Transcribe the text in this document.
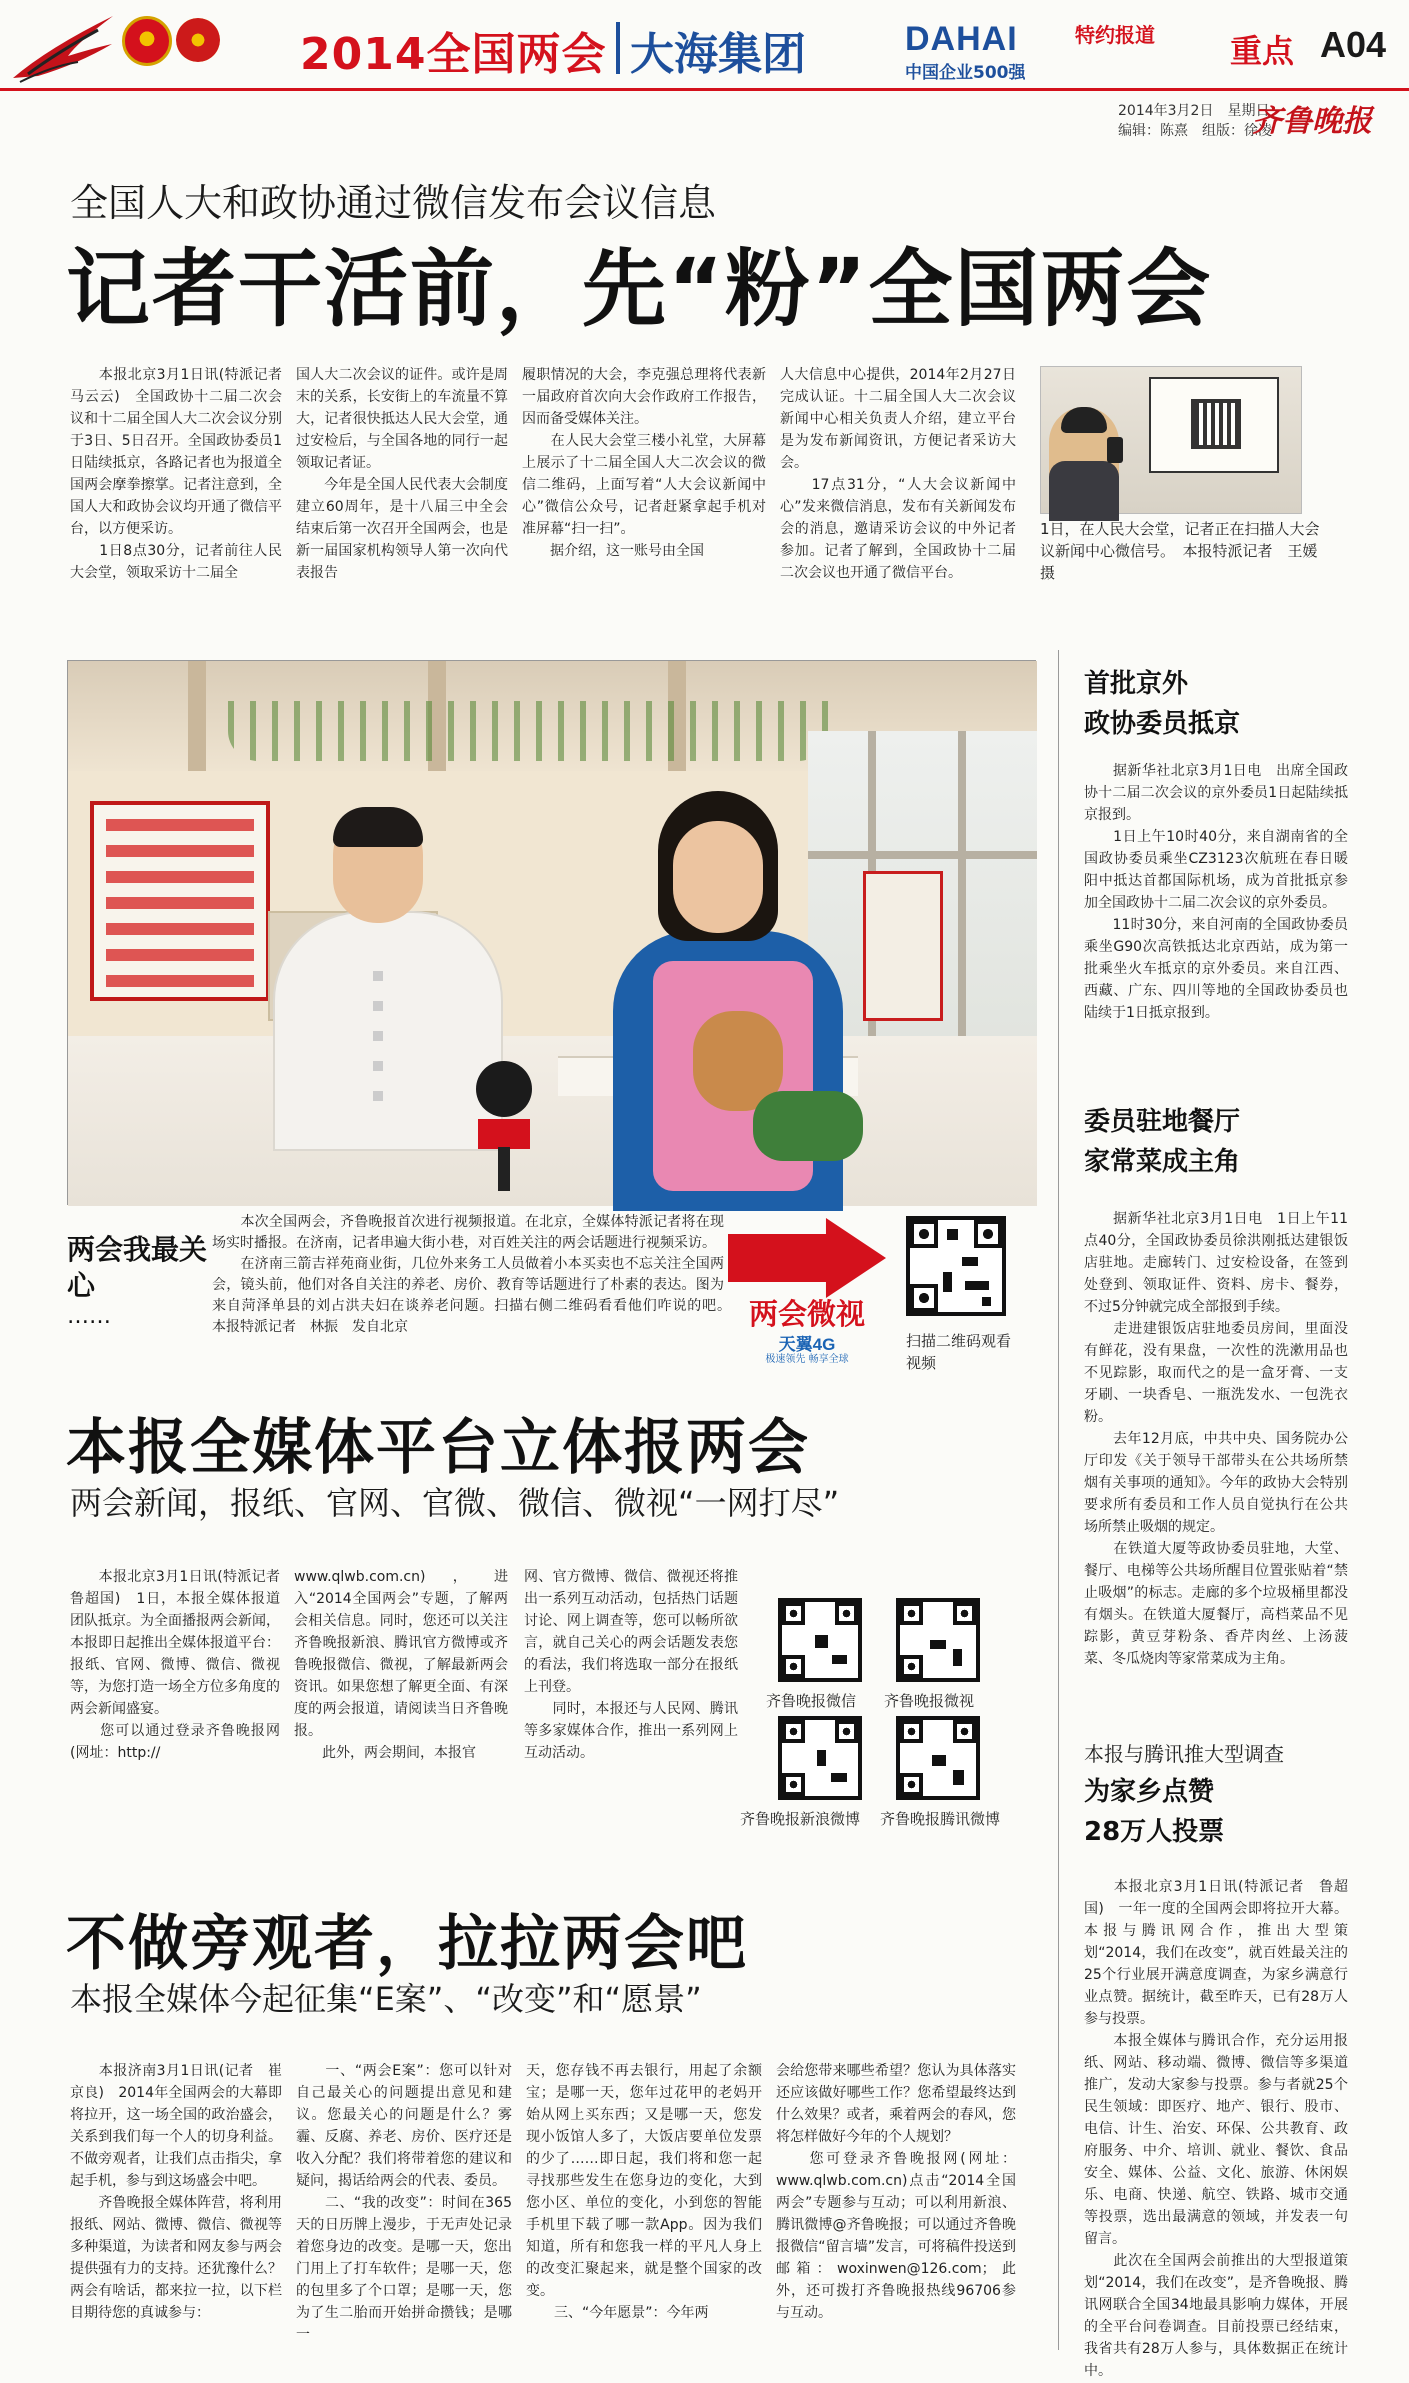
2014全国两会 大海集团	DAHAI
中国企业500强
特约报道 重点 A04
2014年3月2日　星期日
编辑：陈熹　组版：徐凌
齐鲁晚报
全国人大和政协通过微信发布会议信息
记者干活前，先“粉”全国两会
　　本报北京3月1日讯(特派记者　马云云)　全国政协十二届二次会议和十二届全国人大二次会议分别于3日、5日召开。全国政协委员1日陆续抵京，各路记者也为报道全国两会摩拳擦掌。记者注意到，全国人大和政协会议均开通了微信平台，以方便采访。
　　1日8点30分，记者前往人民大会堂，领取采访十二届全
国人大二次会议的证件。或许是周末的关系，长安街上的车流量不算大，记者很快抵达人民大会堂，通过安检后，与全国各地的同行一起领取记者证。
　　今年是全国人民代表大会制度建立60周年，是十八届三中全会结束后第一次召开全国两会，也是新一届国家机构领导人第一次向代表报告
履职情况的大会，李克强总理将代表新一届政府首次向大会作政府工作报告，因而备受媒体关注。
　　在人民大会堂三楼小礼堂，大屏幕上展示了十二届全国人大二次会议的微信二维码，上面写着“人大会议新闻中心”微信公众号，记者赶紧拿起手机对准屏幕“扫一扫”。
　　据介绍，这一账号由全国
人大信息中心提供，2014年2月27日完成认证。十二届全国人大二次会议新闻中心相关负责人介绍，建立平台是为发布新闻资讯，方便记者采访大会。
　　17点31分，“人大会议新闻中心”发来微信消息，发布有关新闻发布会的消息，邀请采访会议的中外记者参加。记者了解到，全国政协十二届二次会议也开通了微信平台。
1日，在人民大会堂，记者正在扫描人大会议新闻中心微信号。　本报特派记者　王媛　摄
两会我最关心
……
　　本次全国两会，齐鲁晚报首次进行视频报道。在北京，全媒体特派记者将在现场实时播报。在济南，记者串遍大街小巷，对百姓关注的两会话题进行视频采访。
　　在济南三箭吉祥苑商业街，几位外来务工人员做着小本买卖也不忘关注全国两会，镜头前，他们对各自关注的养老、房价、教育等话题进行了朴素的表达。图为来自菏泽单县的刘占洪夫妇在谈养老问题。扫描右侧二维码看看他们咋说的吧。　　本报特派记者　林振　发自北京	两会微视
天翼4G
极速领先 畅享全球
扫描二维码观看视频
本报全媒体平台立体报两会
两会新闻，报纸、官网、官微、微信、微视“一网打尽”
　　本报北京3月1日讯(特派记者　鲁超国)　1日，本报全媒体报道团队抵京。为全面播报两会新闻，本报即日起推出全媒体报道平台：报纸、官网、微博、微信、微视等，为您打造一场全方位多角度的两会新闻盛宴。
　　您可以通过登录齐鲁晚报网(网址：http://
www.qlwb.com.cn)，进入“2014全国两会”专题，了解两会相关信息。同时，您还可以关注齐鲁晚报新浪、腾讯官方微博或齐鲁晚报微信、微视，了解最新两会资讯。如果您想了解更全面、有深度的两会报道，请阅读当日齐鲁晚报。
　　此外，两会期间，本报官
网、官方微博、微信、微视还将推出一系列互动活动，包括热门话题讨论、网上调查等，您可以畅所欲言，就自己关心的两会话题发表您的看法，我们将选取一部分在报纸上刊登。
　　同时，本报还与人民网、腾讯等多家媒体合作，推出一系列网上互动活动。
齐鲁晚报微信 齐鲁晚报微视
齐鲁晚报新浪微博 齐鲁晚报腾讯微博
不做旁观者，拉拉两会吧
本报全媒体今起征集“E案”、“改变”和“愿景”
　　本报济南3月1日讯(记者　崔京良)　2014年全国两会的大幕即将拉开，这一场全国的政治盛会，关系到我们每一个人的切身利益。不做旁观者，让我们点击指尖，拿起手机，参与到这场盛会中吧。
　　齐鲁晚报全媒体阵营，将利用报纸、网站、微博、微信、微视等多种渠道，为读者和网友参与两会提供强有力的支持。还犹豫什么？两会有啥话，都来拉一拉，以下栏目期待您的真诚参与：
　　一、“两会E案”：您可以针对自己最关心的问题提出意见和建议。您最关心的问题是什么？雾霾、反腐、养老、房价、医疗还是收入分配？我们将带着您的建议和疑问，揭话给两会的代表、委员。
　　二、“我的改变”：时间在365天的日历牌上漫步，于无声处记录着您身边的改变。是哪一天，您出门用上了打车软件；是哪一天，您的包里多了个口罩；是哪一天，您为了生二胎而开始拼命攒钱；是哪一
天，您存钱不再去银行，用起了余额宝；是哪一天，您年过花甲的老妈开始从网上买东西；又是哪一天，您发现小饭馆人多了，大饭店要单位发票的少了……即日起，我们将和您一起寻找那些发生在您身边的变化，大到您小区、单位的变化，小到您的智能手机里下载了哪一款App。因为我们知道，所有和您我一样的平凡人身上的改变汇聚起来，就是整个国家的改变。
　　三、“今年愿景”：今年两
会给您带来哪些希望？您认为具体落实还应该做好哪些工作？您希望最终达到什么效果？或者，乘着两会的春风，您将怎样做好今年的个人规划？
　　您可登录齐鲁晚报网(网址：www.qlwb.com.cn)点击“2014全国两会”专题参与互动；可以利用新浪、腾讯微博@齐鲁晚报；可以通过齐鲁晚报微信“留言墙”发言，可将稿件投送到邮箱：woxinwen@126.com；此外，还可拨打齐鲁晚报热线96706参与互动。
首批京外
政协委员抵京
　　据新华社北京3月1日电　出席全国政协十二届二次会议的京外委员1日起陆续抵京报到。
　　1日上午10时40分，来自湖南省的全国政协委员乘坐CZ3123次航班在春日暖阳中抵达首都国际机场，成为首批抵京参加全国政协十二届二次会议的京外委员。
　　11时30分，来自河南的全国政协委员乘坐G90次高铁抵达北京西站，成为第一批乘坐火车抵京的京外委员。来自江西、西藏、广东、四川等地的全国政协委员也陆续于1日抵京报到。
委员驻地餐厅
家常菜成主角
　　据新华社北京3月1日电　1日上午11点40分，全国政协委员徐洪刚抵达建银饭店驻地。走廊转门、过安检设备，在签到处登到、领取证件、资料、房卡、餐券，不过5分钟就完成全部报到手续。
　　走进建银饭店驻地委员房间，里面没有鲜花，没有果盘，一次性的洗漱用品也不见踪影，取而代之的是一盒牙膏、一支牙刷、一块香皂、一瓶洗发水、一包洗衣粉。
　　去年12月底，中共中央、国务院办公厅印发《关于领导干部带头在公共场所禁烟有关事项的通知》。今年的政协大会特别要求所有委员和工作人员自觉执行在公共场所禁止吸烟的规定。
　　在铁道大厦等政协委员驻地，大堂、餐厅、电梯等公共场所醒目位置张贴着“禁止吸烟”的标志。走廊的多个垃圾桶里都没有烟头。在铁道大厦餐厅，高档菜品不见踪影，黄豆芽粉条、香芹肉丝、上汤菠菜、冬瓜烧肉等家常菜成为主角。
本报与腾讯推大型调查
为家乡点赞
28万人投票
　　本报北京3月1日讯(特派记者　鲁超国)　一年一度的全国两会即将拉开大幕。本报与腾讯网合作，推出大型策划“2014，我们在改变”，就百姓最关注的25个行业展开满意度调查，为家乡满意行业点赞。据统计，截至昨天，已有28万人参与投票。
　　本报全媒体与腾讯合作，充分运用报纸、网站、移动端、微博、微信等多渠道推广，发动大家参与投票。参与者就25个民生领域：即医疗、地产、银行、股市、电信、计生、治安、环保、公共教育、政府服务、中介、培训、就业、餐饮、食品安全、媒体、公益、文化、旅游、休闲娱乐、电商、快递、航空、铁路、城市交通等投票，选出最满意的领域，并发表一句留言。
　　此次在全国两会前推出的大型报道策划“2014，我们在改变”，是齐鲁晚报、腾讯网联合全国34地最具影响力媒体，开展的全平台问卷调查。目前投票已经结束，我省共有28万人参与，具体数据正在统计中。
